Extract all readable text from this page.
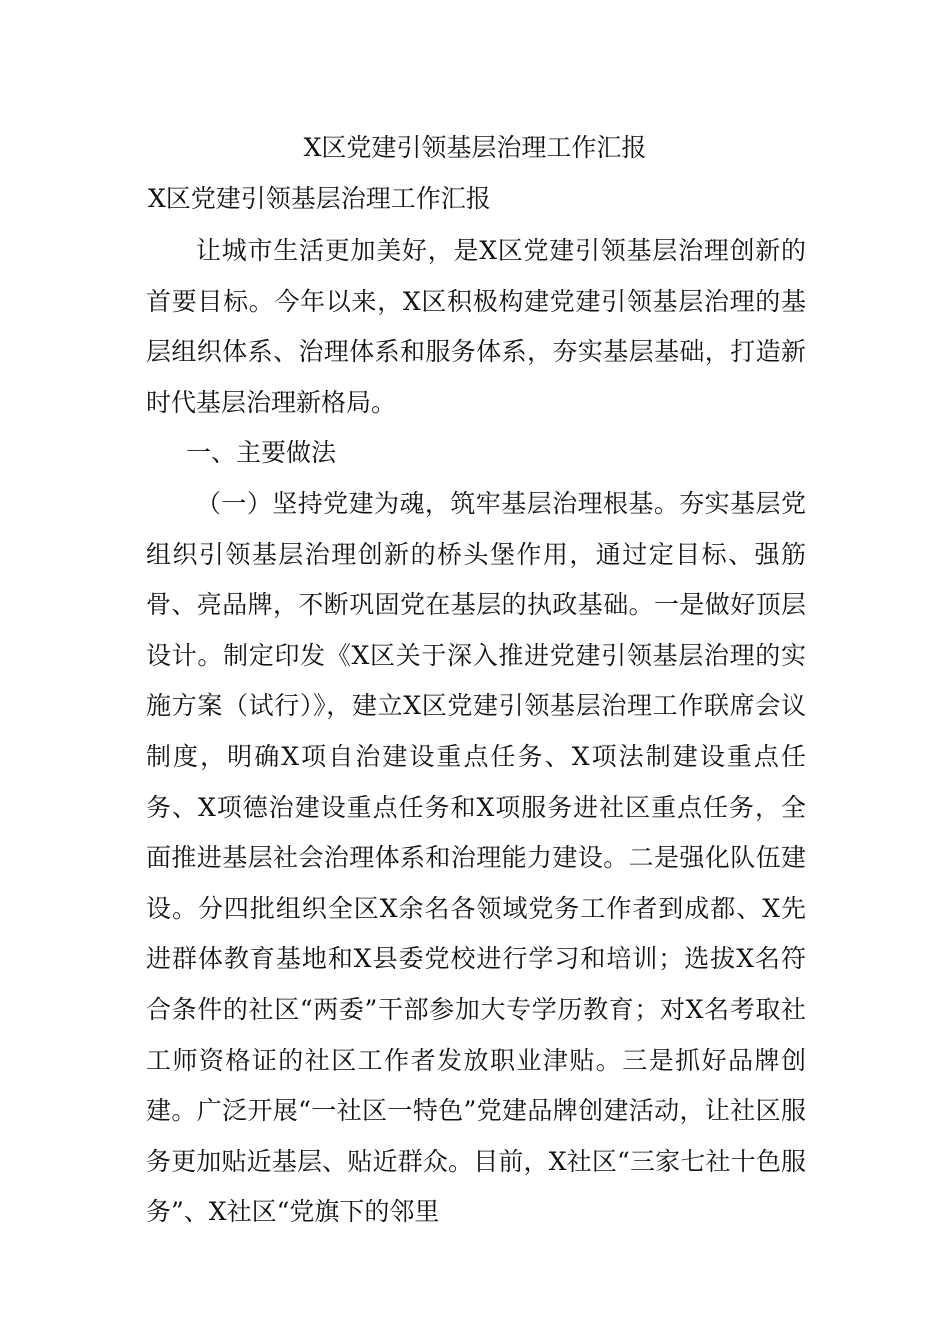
X区党建引领基层治理工作汇报
X区党建引领基层治理工作汇报

让城市生活更加美好，是X区党建引领基层治理创新的首要目标。今年以来，X区积极构建党建引领基层治理的基层组织体系、治理体系和服务体系，夯实基层基础，打造新时代基层治理新格局。

一、主要做法

（一）坚持党建为魂，筑牢基层治理根基。夯实基层党组织引领基层治理创新的桥头堡作用，通过定目标、强筋骨、亮品牌，不断巩固党在基层的执政基础。一是做好顶层设计。制定印发《X区关于深入推进党建引领基层治理的实施方案（试行）》，建立X区党建引领基层治理工作联席会议制度，明确X项自治建设重点任务、X项法制建设重点任务、X项德治建设重点任务和X项服务进社区重点任务，全面推进基层社会治理体系和治理能力建设。二是强化队伍建设。分四批组织全区X余名各领域党务工作者到成都、X先进群体教育基地和X县委党校进行学习和培训；选拔X名符合条件的社区“两委”干部参加大专学历教育；对X名考取社工师资格证的社区工作者发放职业津贴。三是抓好品牌创建。广泛开展“一社区一特色”党建品牌创建活动，让社区服务更加贴近基层、贴近群众。目前，X社区“三家七社十色服务”、X社区“党旗下的邻里
